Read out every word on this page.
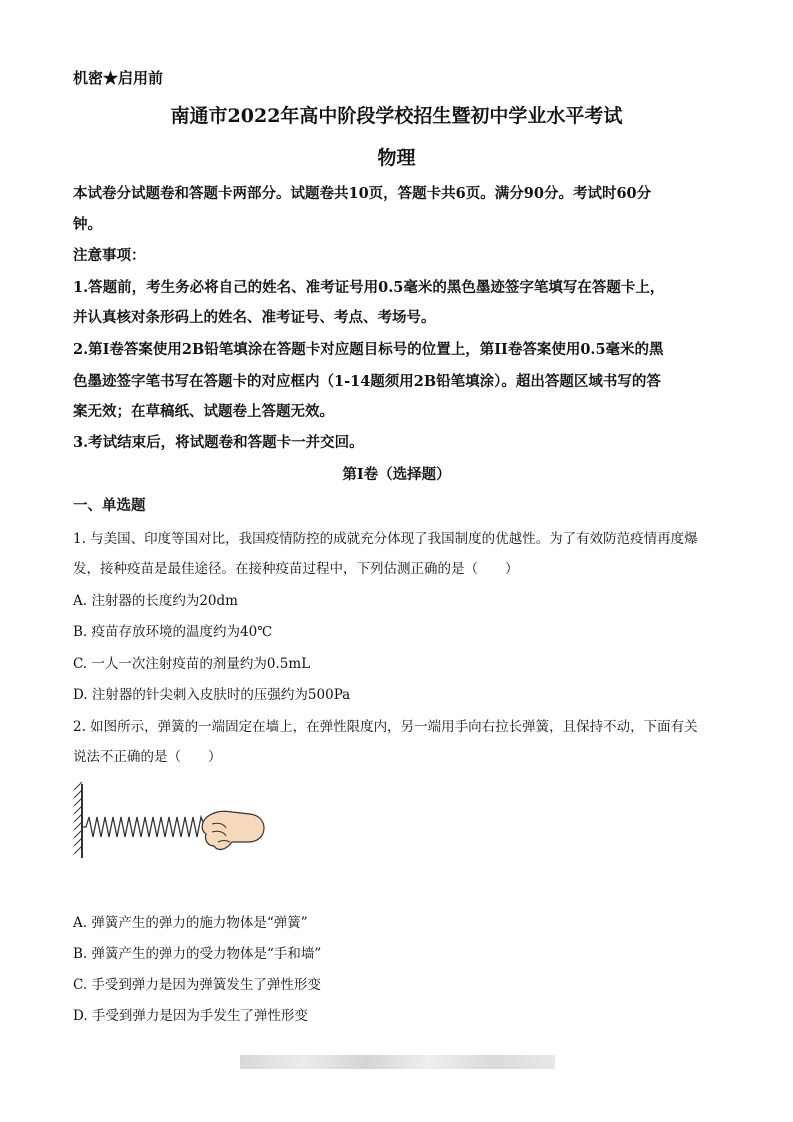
机密★启用前
南通市2022年高中阶段学校招生暨初中学业水平考试
物理
本试卷分试题卷和答题卡两部分。试题卷共10页，答题卡共6页。满分90分。考试时60分
钟。
注意事项：
1.答题前，考生务必将自己的姓名、准考证号用0.5毫米的黑色墨迹签字笔填写在答题卡上，
并认真核对条形码上的姓名、准考证号、考点、考场号。
2.第I卷答案使用2B铅笔填涂在答题卡对应题目标号的位置上，第II卷答案使用0.5毫米的黑
色墨迹签字笔书写在答题卡的对应框内（1-14题须用2B铅笔填涂）。超出答题区域书写的答
案无效；在草稿纸、试题卷上答题无效。
3.考试结束后，将试题卷和答题卡一并交回。
第I卷（选择题）
一、单选题
1. 与美国、印度等国对比，我国疫情防控的成就充分体现了我国制度的优越性。为了有效防范疫情再度爆
发，接种疫苗是最佳途径。在接种疫苗过程中，下列估测正确的是（　　）
A. 注射器的长度约为20dm
B. 疫苗存放环境的温度约为40℃
C. 一人一次注射疫苗的剂量约为0.5mL
D. 注射器的针尖刺入皮肤时的压强约为500Pa
2. 如图所示，弹簧的一端固定在墙上，在弹性限度内，另一端用手向右拉长弹簧，且保持不动，下面有关
说法不正确的是（　　）
A. 弹簧产生的弹力的施力物体是“弹簧”
B. 弹簧产生的弹力的受力物体是“手和墙”
C. 手受到弹力是因为弹簧发生了弹性形变
D. 手受到弹力是因为手发生了弹性形变
